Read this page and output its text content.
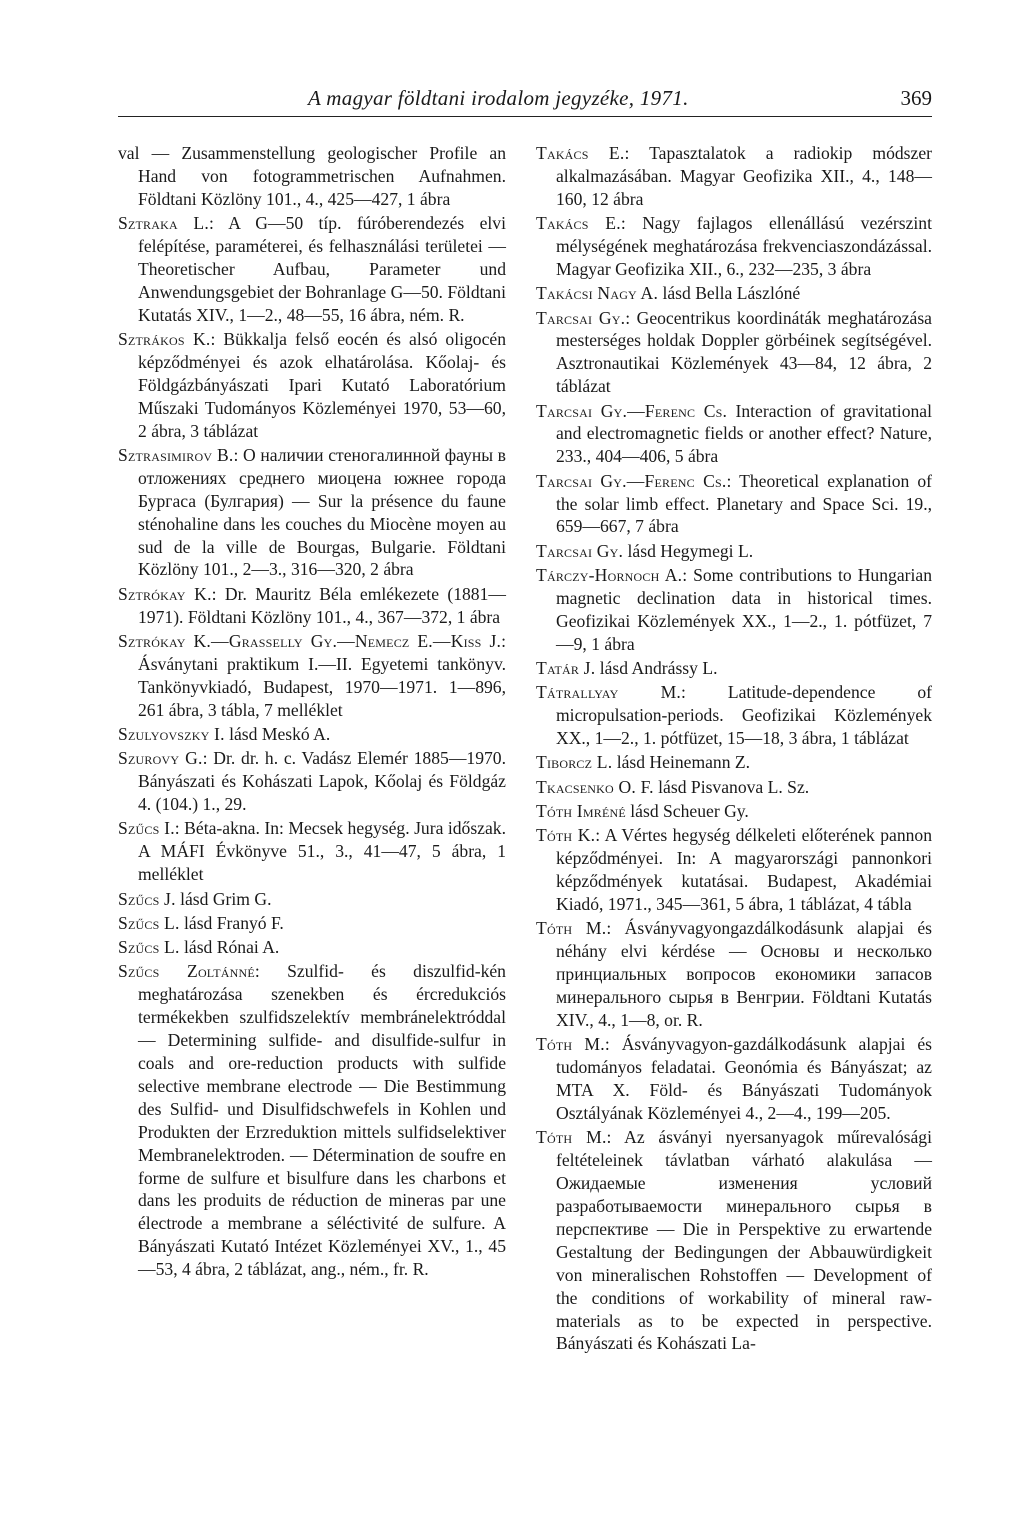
A magyar földtani irodalom jegyzéke, 1971.	369

val — Zusammenstellung geologischer Profile an Hand von fotogrammetrischen Aufnahmen. Földtani Közlöny 101., 4., 425—427, 1 ábra

Sztraka L.: A G—50 típ. fúróberendezés elvi felépítése, paraméterei, és felhasználási területei — Theoretischer Aufbau, Parameter und Anwendungsgebiet der Bohranlage G—50. Földtani Kutatás XIV., 1—2., 48—55, 16 ábra, ném. R.

Sztrákos K.: Bükkalja felső eocén és alsó oligocén képződményei és azok elhatárolása. Kőolaj- és Földgázbányászati Ipari Kutató Laboratórium Műszaki Tudományos Közleményei 1970, 53—60, 2 ábra, 3 táblázat

Sztrasimirov B.: О наличии стеногалинной фауны в отложениях среднего миоцена южнее города Бургаса (Булгария) — Sur la présence du faune sténohaline dans les couches du Miocène moyen au sud de la ville de Bourgas, Bulgarie. Földtani Közlöny 101., 2—3., 316—320, 2 ábra

Sztrókay K.: Dr. Mauritz Béla emlékezete (1881—1971). Földtani Közlöny 101., 4., 367—372, 1 ábra

Sztrókay K.—Grasselly Gy.—Nemecz E.—Kiss J.: Ásványtani praktikum I.—II. Egyetemi tankönyv. Tankönyvkiadó, Budapest, 1970—1971. 1—896, 261 ábra, 3 tábla, 7 melléklet

Szulyovszky I. lásd Meskó A.

Szurovy G.: Dr. dr. h. c. Vadász Elemér 1885—1970. Bányászati és Kohászati Lapok, Kőolaj és Földgáz 4. (104.) 1., 29.

Szűcs I.: Béta-akna. In: Mecsek hegység. Jura időszak. A MÁFI Évkönyve 51., 3., 41—47, 5 ábra, 1 melléklet

Szűcs J. lásd Grim G.

Szűcs L. lásd Franyó F.

Szűcs L. lásd Rónai A.

Szűcs Zoltánné: Szulfid- és diszulfid-kén meghatározása szenekben és ércredukciós termékekben szulfidszelektív membránelektróddal — Determining sulfide- and disulfide-sulfur in coals and ore-reduction products with sulfide selective membrane electrode — Die Bestimmung des Sulfid- und Disulfidschwefels in Kohlen und Produkten der Erzreduktion mittels sulfidselektiver Membranelektroden. — Détermination de soufre en forme de sulfure et bisulfure dans les charbons et dans les produits de réduction de mineras par une électrode a membrane a séléctivité de sulfure. A Bányászati Kutató Intézet Közleményei XV., 1., 45—53, 4 ábra, 2 táblázat, ang., ném., fr. R.

Takács E.: Tapasztalatok a radiokip módszer alkalmazásában. Magyar Geofizika XII., 4., 148—160, 12 ábra

Takács E.: Nagy fajlagos ellenállású vezérszint mélységének meghatározása frekvenciaszondázással. Magyar Geofizika XII., 6., 232—235, 3 ábra

Takácsi Nagy A. lásd Bella Lászlóné

Tarcsai Gy.: Geocentrikus koordináták meghatározása mesterséges holdak Doppler görbéinek segítségével. Asztronautikai Közlemények 43—84, 12 ábra, 2 táblázat

Tarcsai Gy.—Ferenc Cs. Interaction of gravitational and electromagnetic fields or another effect? Nature, 233., 404—406, 5 ábra

Tarcsai Gy.—Ferenc Cs.: Theoretical explanation of the solar limb effect. Planetary and Space Sci. 19., 659—667, 7 ábra

Tarcsai Gy. lásd Hegymegi L.

Tárczy-Hornoch A.: Some contributions to Hungarian magnetic declination data in historical times. Geofizikai Közlemények XX., 1—2., 1. pótfüzet, 7—9, 1 ábra

Tatár J. lásd Andrássy L.

Tátrallyay M.: Latitude-dependence of micropulsation-periods. Geofizikai Közlemények XX., 1—2., 1. pótfüzet, 15—18, 3 ábra, 1 táblázat

Tiborcz L. lásd Heinemann Z.

Tkacsenko O. F. lásd Pisvanova L. Sz.

Tóth Imréné lásd Scheuer Gy.

Tóth K.: A Vértes hegység délkeleti előterének pannon képződményei. In: A magyarországi pannonkori képződmények kutatásai. Budapest, Akadémiai Kiadó, 1971., 345—361, 5 ábra, 1 táblázat, 4 tábla

Tóth M.: Ásványvagyongazdálkodásunk alapjai és néhány elvi kérdése — Основы и несколько принциальных вопросов економики запасов минерального сырья в Венгрии. Földtani Kutatás XIV., 4., 1—8, or. R.

Tóth M.: Ásványvagyon-gazdálkodásunk alapjai és tudományos feladatai. Geonómia és Bányászat; az MTA X. Föld- és Bányászati Tudományok Osztályának Közleményei 4., 2—4., 199—205.

Tóth M.: Az ásványi nyersanyagok műrevalósági feltételeinek távlatban várható alakulása — Ожидаемые изменения условий разработываемости минерального сырья в перспективе — Die in Perspektive zu erwartende Gestaltung der Bedingungen der Abbauwürdigkeit von mineralischen Rohstoffen — Development of the conditions of workability of mineral raw-materials as to be expected in perspective. Bányászati és Kohászati La-
